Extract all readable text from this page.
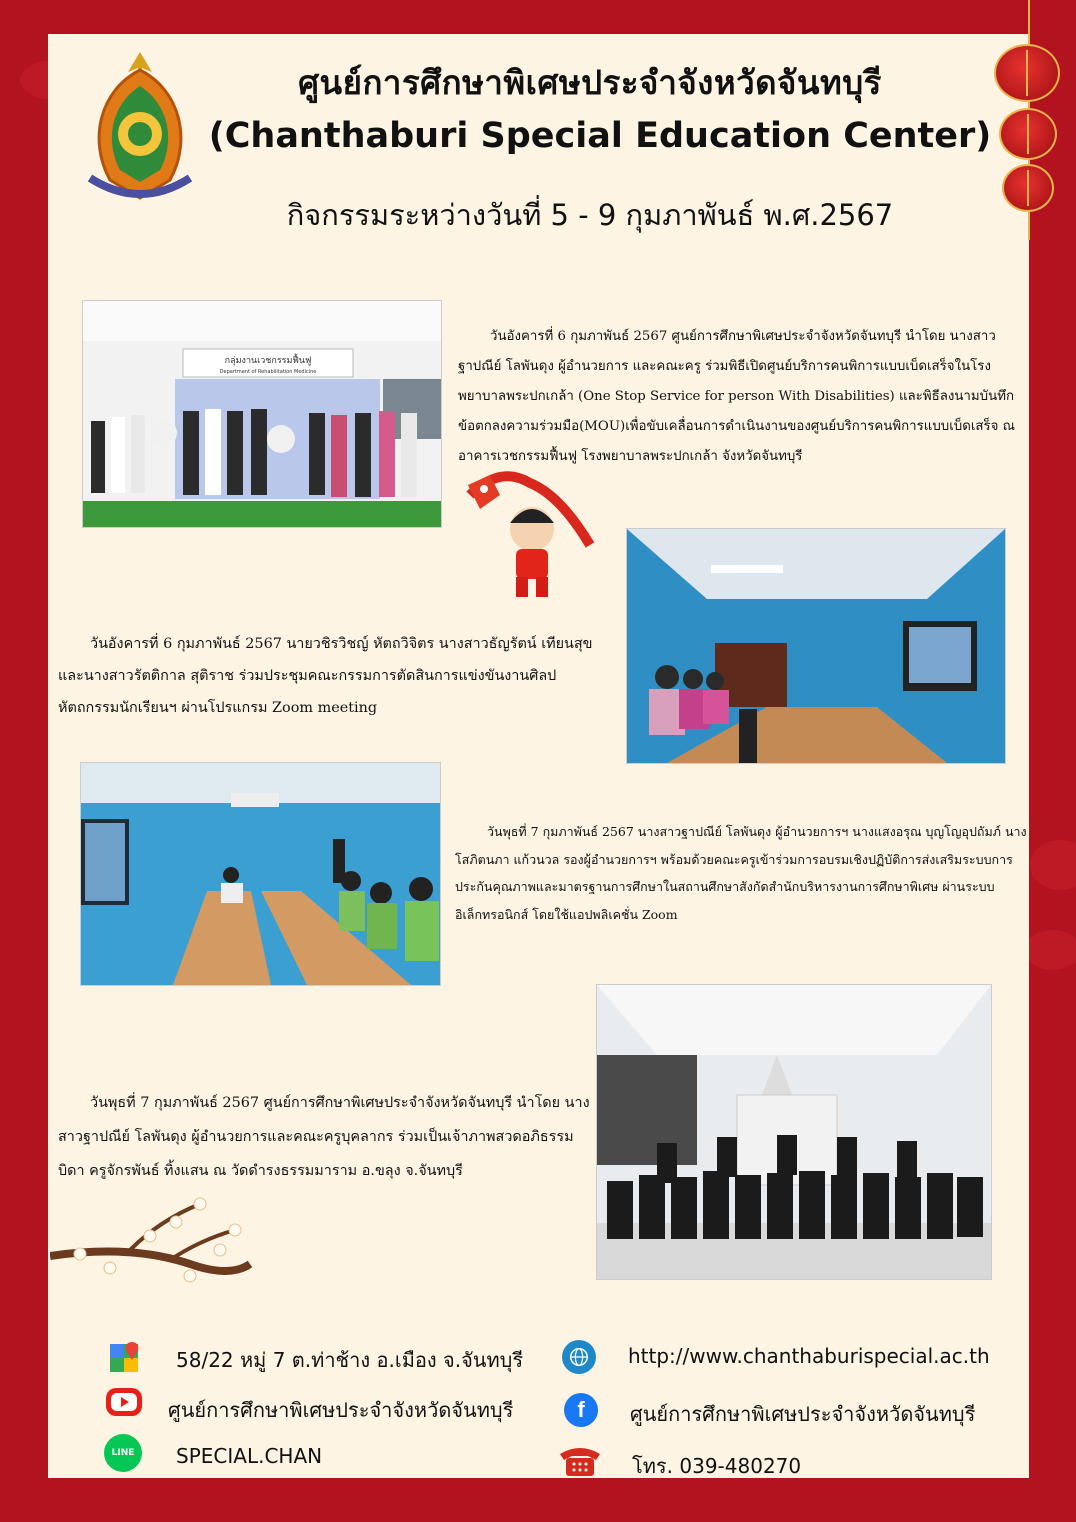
ศูนย์การศึกษาพิเศษประจำจังหวัดจันทบุรี
(Chanthaburi Special Education Center)
กิจกรรมระหว่างวันที่ 5 - 9 กุมภาพันธ์ พ.ศ.2567
กลุ่มงานเวชกรรมฟื้นฟู
Department of Rehabilitation Medicine
วันอังคารที่ 6 กุมภาพันธ์ 2567 ศูนย์การศึกษาพิเศษประจำจังหวัดจันทบุรี นำโดย นางสาวฐาปณีย์ โลพันดุง ผู้อำนวยการ และคณะครู ร่วมพิธีเปิดศูนย์บริการคนพิการแบบเบ็ดเสร็จในโรงพยาบาลพระปกเกล้า (One Stop Service for person With Disabilities) และพิธีลงนามบันทึกข้อตกลงความร่วมมือ(MOU)เพื่อขับเคลื่อนการดำเนินงานของศูนย์บริการคนพิการแบบเบ็ดเสร็จ ณ อาคารเวชกรรมฟื้นฟู โรงพยาบาลพระปกเกล้า จังหวัดจันทบุรี
วันอังคารที่ 6 กุมภาพันธ์ 2567 นายวชิรวิชญ์ หัตถวิจิตร นางสาวธัญรัตน์ เทียนสุข และนางสาวรัตติกาล สุติราช ร่วมประชุมคณะกรรมการตัดสินการแข่งขันงานศิลปหัตถกรรมนักเรียนฯ ผ่านโปรแกรม Zoom meeting
วันพุธที่ 7 กุมภาพันธ์ 2567 นางสาวฐาปณีย์ โลพันดุง ผู้อำนวยการฯ นางแสงอรุณ บุญโญอุปถัมภ์ นางโสภิตนภา แก้วนวล รองผู้อำนวยการฯ พร้อมด้วยคณะครูเข้าร่วมการอบรมเชิงปฏิบัติการส่งเสริมระบบการประกันคุณภาพและมาตรฐานการศึกษาในสถานศึกษาสังกัดสำนักบริหารงานการศึกษาพิเศษ ผ่านระบบอิเล็กทรอนิกส์ โดยใช้แอปพลิเคชั่น Zoom
วันพุธที่ 7 กุมภาพันธ์ 2567 ศูนย์การศึกษาพิเศษประจำจังหวัดจันทบุรี นำโดย นางสาวฐาปณีย์ โลพันดุง ผู้อำนวยการและคณะครูบุคลากร ร่วมเป็นเจ้าภาพสวดอภิธรรม บิดา ครูจักรพันธ์ ทิ้งแสน ณ วัดดำรงธรรมมาราม อ.ขลุง จ.จันทบุรี
58/22 หมู่ 7 ต.ท่าช้าง อ.เมือง จ.จันทบุรี	http://www.chanthaburispecial.ac.th
ศูนย์การศึกษาพิเศษประจำจังหวัดจันทบุรี	f	ศูนย์การศึกษาพิเศษประจำจังหวัดจันทบุรี
LINE	SPECIAL.CHAN	โทร. 039-480270
